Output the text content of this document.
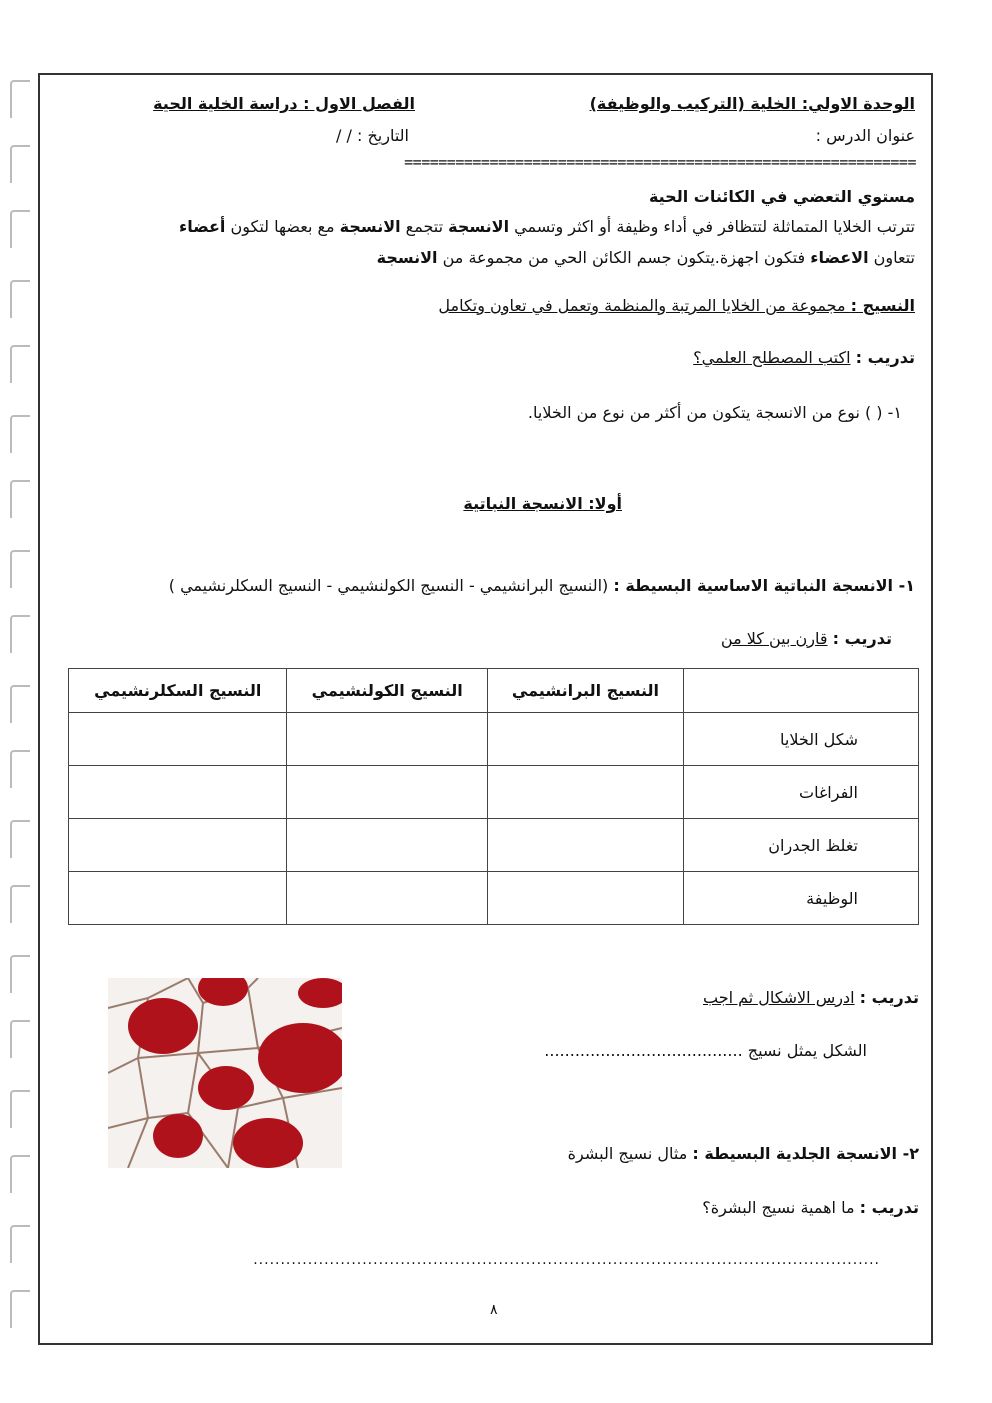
الوحدة الاولي: الخلية (التركيب والوظيفة)
الفصل الاول : دراسة الخلية الحية
عنوان الدرس :
التاريخ : / /
============================================================
مستوي التعضي في الكائنات الحية
تترتب الخلايا المتماثلة لتتظافر في أداء وظيفة أو اكثر وتسمي الانسجة تتجمع الانسجة مع بعضها لتكون أعضاء
تتعاون الاعضاء فتكون اجهزة.يتكون جسم الكائن الحي من مجموعة من الانسجة
النسيج : مجموعة من الخلايا المرتبة والمنظمة وتعمل في تعاون وتكامل
تدريب : اكتب المصطلح العلمي؟
١- ( ) نوع من الانسجة يتكون من أكثر من نوع من الخلايا.
أولا: الانسجة النباتية
١- الانسجة النباتية الاساسية البسيطة : (النسيج البرانشيمي - النسيج الكولنشيمي - النسيج السكلرنشيمي )
تدريب : قارن بين كلا من
	النسيج البرانشيمي	النسيج الكولنشيمي	النسيج السكلرنشيمي
شكل الخلايا			
الفراغات			
تغلظ الجدران			
الوظيفة			
تدريب : ادرس الاشكال ثم اجب
الشكل يمثل نسيج .......................................
٢- الانسجة الجلدية البسيطة : مثال نسيج البشرة
تدريب : ما اهمية نسيج البشرة؟
...................................................................................................................
٨
